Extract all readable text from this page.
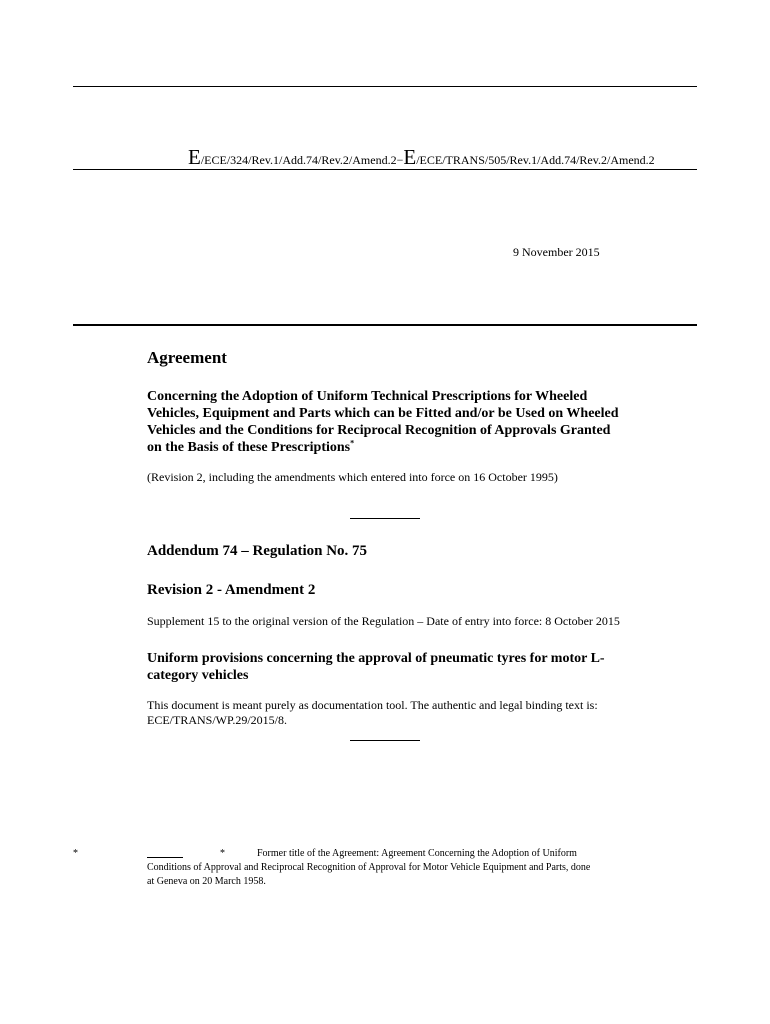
E/ECE/324/Rev.1/Add.74/Rev.2/Amend.2−E/ECE/TRANS/505/Rev.1/Add.74/Rev.2/Amend.2
9 November 2015
Agreement
Concerning the Adoption of Uniform Technical Prescriptions for Wheeled Vehicles, Equipment and Parts which can be Fitted and/or be Used on Wheeled Vehicles and the Conditions for Reciprocal Recognition of Approvals Granted on the Basis of these Prescriptions*
(Revision 2, including the amendments which entered into force on 16 October 1995)
Addendum 74 – Regulation No. 75
Revision 2 - Amendment 2
Supplement 15 to the original version of the Regulation – Date of entry into force: 8 October 2015
Uniform provisions concerning the approval of pneumatic tyres for motor L-category vehicles
This document is meant purely as documentation tool. The authentic and legal binding text is: ECE/TRANS/WP.29/2015/8.
*	*	Former title of the Agreement: Agreement Concerning the Adoption of Uniform Conditions of Approval and Reciprocal Recognition of Approval for Motor Vehicle Equipment and Parts, done at Geneva on 20 March 1958.
